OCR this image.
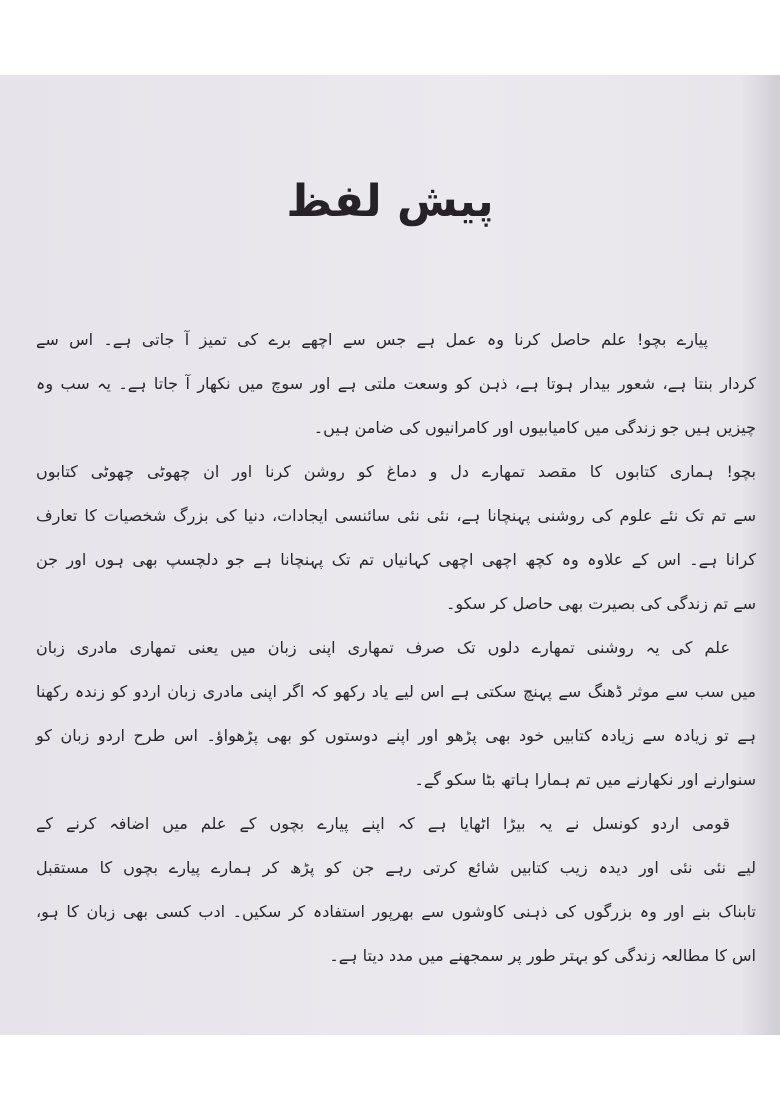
پیش لفظ
پیارے بچو! علم حاصل کرنا وہ عمل ہے جس سے اچھے برے کی تمیز آ جاتی ہے۔ اس سے
کردار بنتا ہے، شعور بیدار ہوتا ہے، ذہن کو وسعت ملتی ہے اور سوچ میں نکھار آ جاتا ہے۔ یہ سب وہ
چیزیں ہیں جو زندگی میں کامیابیوں اور کامرانیوں کی ضامن ہیں۔
بچو! ہماری کتابوں کا مقصد تمھارے دل و دماغ کو روشن کرنا اور ان چھوٹی چھوٹی کتابوں
سے تم تک نئے علوم کی روشنی پہنچانا ہے، نئی نئی سائنسی ایجادات، دنیا کی بزرگ شخصیات کا تعارف
کرانا ہے۔ اس کے علاوہ وہ کچھ اچھی اچھی کہانیاں تم تک پہنچانا ہے جو دلچسپ بھی ہوں اور جن
سے تم زندگی کی بصیرت بھی حاصل کر سکو۔
علم کی یہ روشنی تمھارے دلوں تک صرف تمھاری اپنی زبان میں یعنی تمھاری مادری زبان
میں سب سے موثر ڈھنگ سے پہنچ سکتی ہے اس لیے یاد رکھو کہ اگر اپنی مادری زبان اردو کو زندہ رکھنا
ہے تو زیادہ سے زیادہ کتابیں خود بھی پڑھو اور اپنے دوستوں کو بھی پڑھواؤ۔ اس طرح اردو زبان کو
سنوارنے اور نکھارنے میں تم ہمارا ہاتھ بٹا سکو گے۔
قومی اردو کونسل نے یہ بیڑا اٹھایا ہے کہ اپنے پیارے بچوں کے علم میں اضافہ کرنے کے
لیے نئی نئی اور دیدہ زیب کتابیں شائع کرتی رہے جن کو پڑھ کر ہمارے پیارے بچوں کا مستقبل
تابناک بنے اور وہ بزرگوں کی ذہنی کاوشوں سے بھرپور استفادہ کر سکیں۔ ادب کسی بھی زبان کا ہو،
اس کا مطالعہ زندگی کو بہتر طور پر سمجھنے میں مدد دیتا ہے۔
